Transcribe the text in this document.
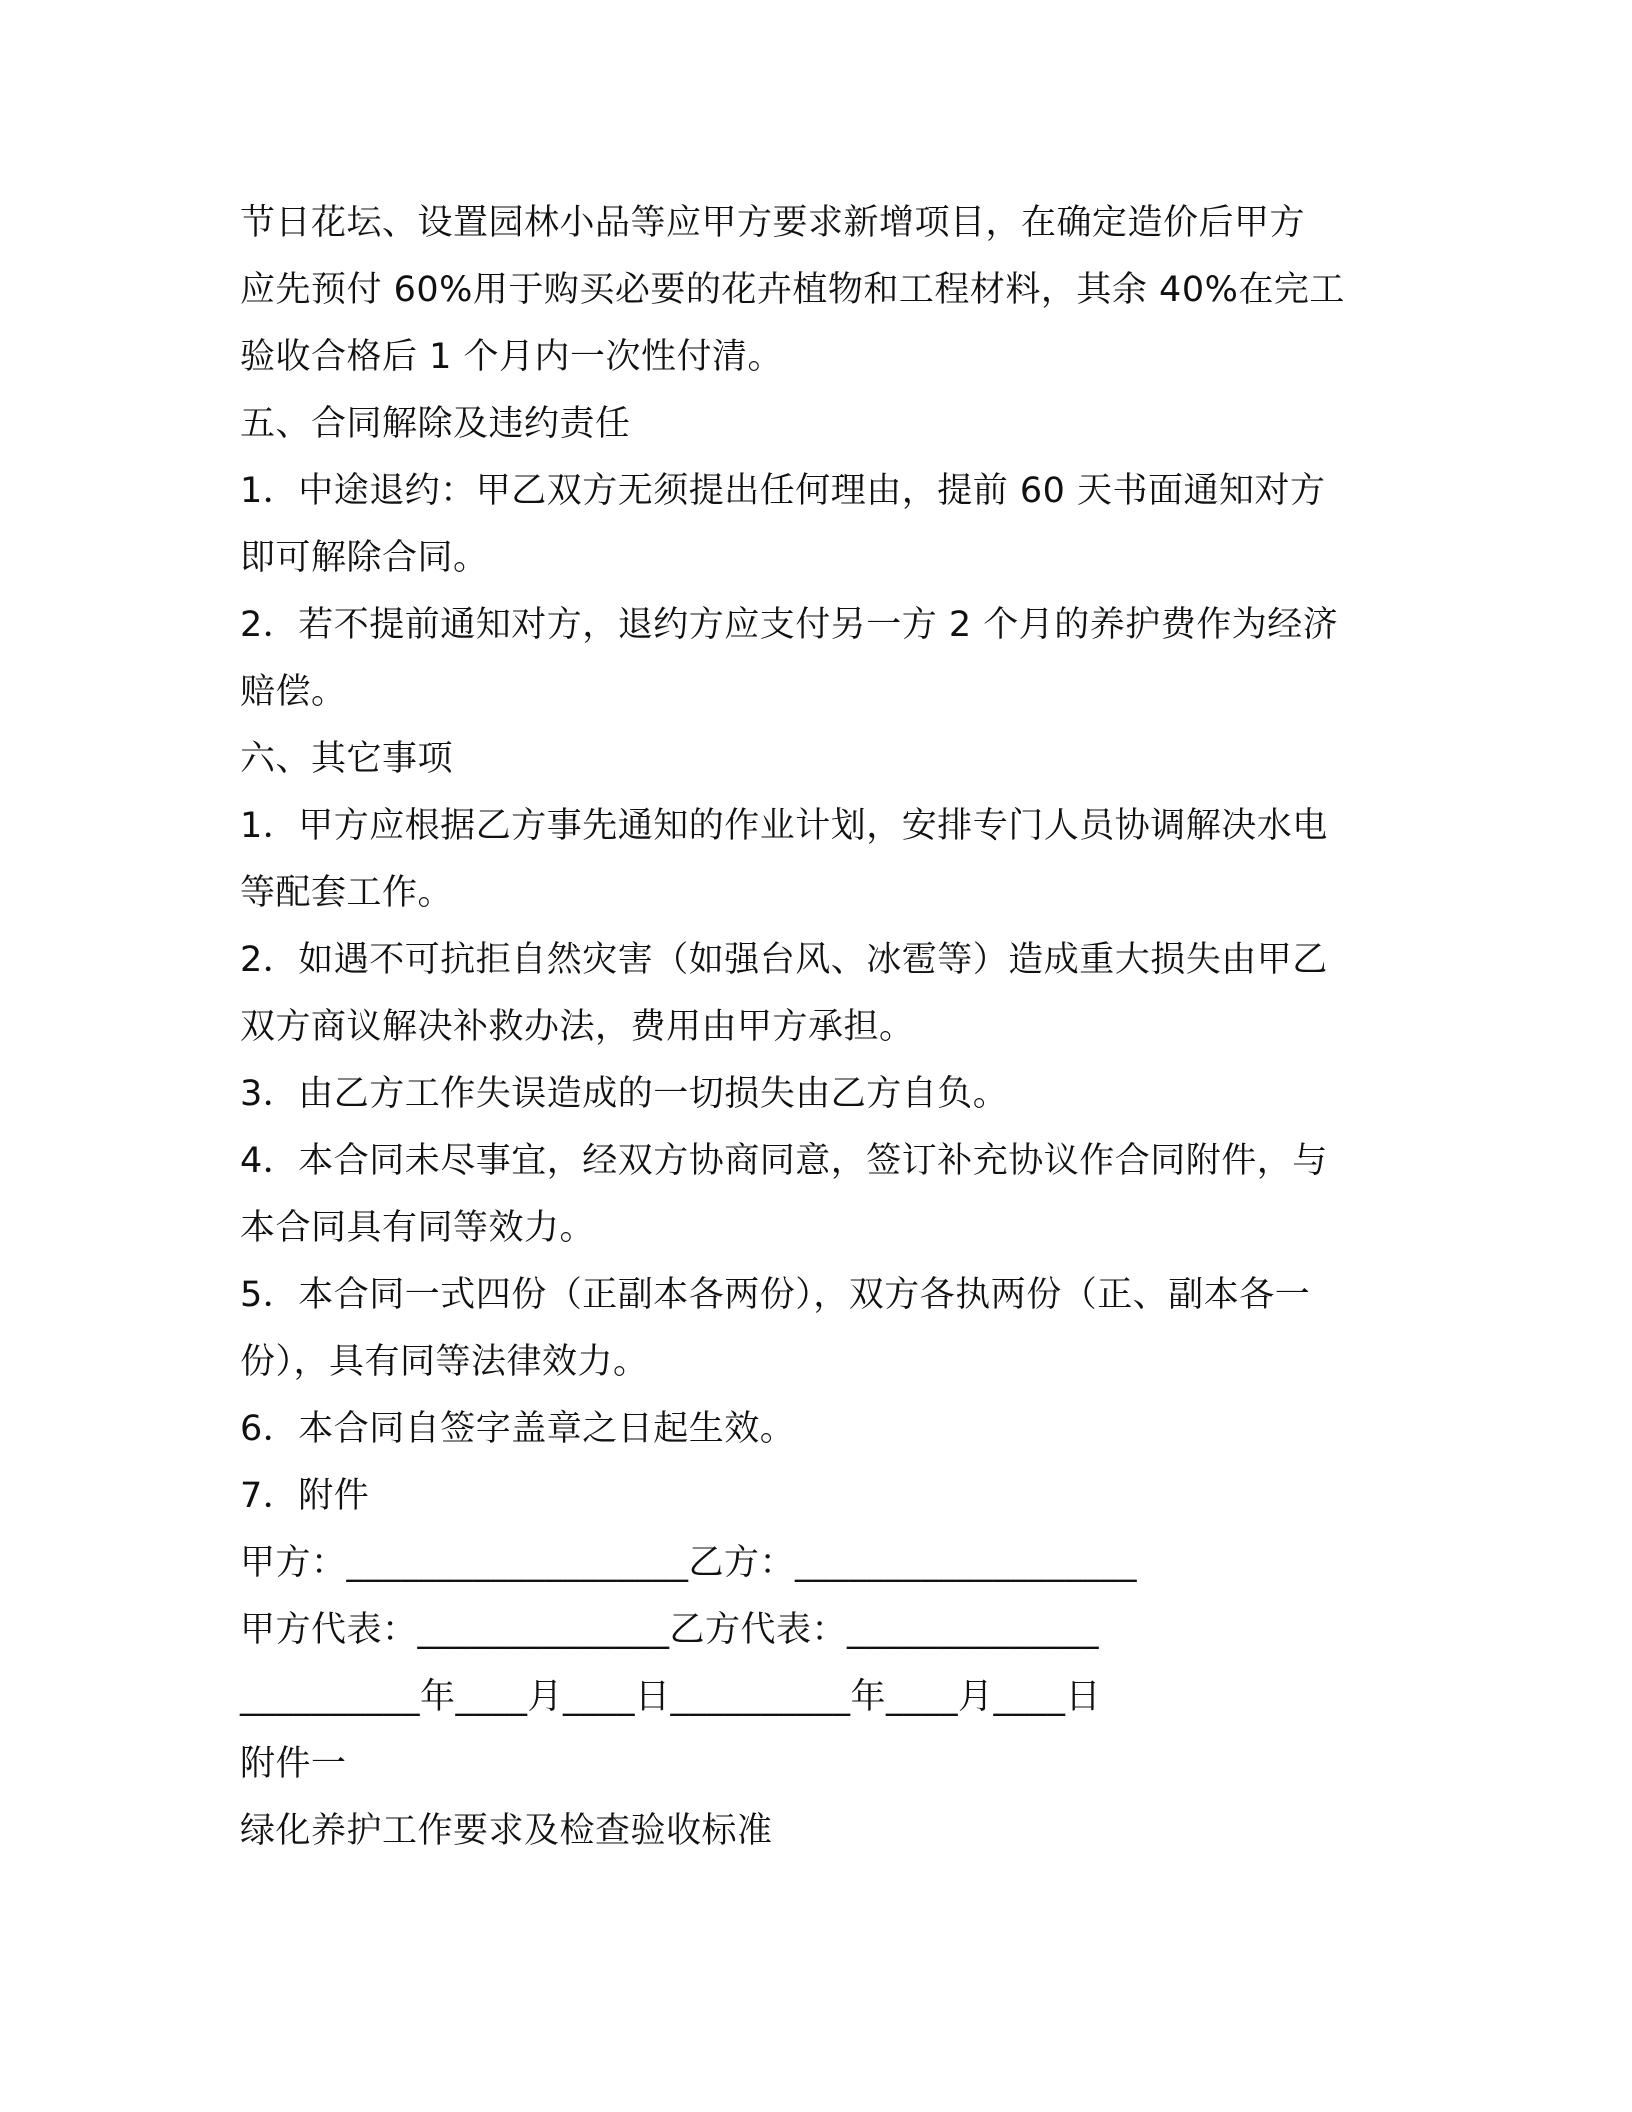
节日花坛、设置园林小品等应甲方要求新增项目，在确定造价后甲方
应先预付 60%用于购买必要的花卉植物和工程材料，其余 40%在完工
验收合格后 1 个月内一次性付清。
五、合同解除及违约责任
1．中途退约：甲乙双方无须提出任何理由，提前 60 天书面通知对方
即可解除合同。
2．若不提前通知对方，退约方应支付另一方 2 个月的养护费作为经济
赔偿。
六、其它事项
1．甲方应根据乙方事先通知的作业计划，安排专门人员协调解决水电
等配套工作。
2．如遇不可抗拒自然灾害（如强台风、冰雹等）造成重大损失由甲乙
双方商议解决补救办法，费用由甲方承担。
3．由乙方工作失误造成的一切损失由乙方自负。
4．本合同未尽事宜，经双方协商同意，签订补充协议作合同附件，与
本合同具有同等效力。
5．本合同一式四份（正副本各两份），双方各执两份（正、副本各一
份），具有同等法律效力。
6．本合同自签字盖章之日起生效。
7．附件
甲方：___________________乙方：___________________
甲方代表：______________乙方代表：______________
__________年____月____日__________年____月____日
附件一
绿化养护工作要求及检查验收标准
